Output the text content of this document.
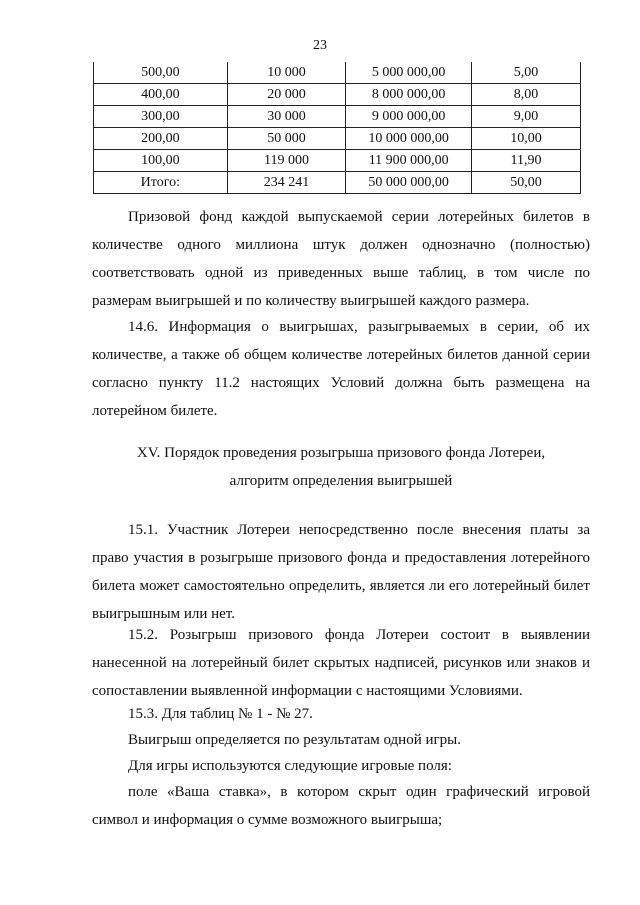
23
500,00	10 000	5 000 000,00	5,00
400,00	20 000	8 000 000,00	8,00
300,00	30 000	9 000 000,00	9,00
200,00	50 000	10 000 000,00	10,00
100,00	119 000	11 900 000,00	11,90
Итого:	234 241	50 000 000,00	50,00

Призовой фонд каждой выпускаемой серии лотерейных билетов в количестве одного миллиона штук должен однозначно (полностью) соответствовать одной из приведенных выше таблиц, в том числе по размерам выигрышей и по количеству выигрышей каждого размера.

14.6. Информация о выигрышах, разыгрываемых в серии, об их количестве, а также об общем количестве лотерейных билетов данной серии согласно пункту 11.2 настоящих Условий должна быть размещена на лотерейном билете.

XV. Порядок проведения розыгрыша призового фонда Лотереи,
алгоритм определения выигрышей

15.1. Участник Лотереи непосредственно после внесения платы за право участия в розыгрыше призового фонда и предоставления лотерейного билета может самостоятельно определить, является ли его лотерейный билет выигрышным или нет.

15.2. Розыгрыш призового фонда Лотереи состоит в выявлении нанесенной на лотерейный билет скрытых надписей, рисунков или знаков и сопоставлении выявленной информации с настоящими Условиями.

15.3. Для таблиц № 1 - № 27.

Выигрыш определяется по результатам одной игры.

Для игры используются следующие игровые поля:

поле «Ваша ставка», в котором скрыт один графический игровой символ и информация о сумме возможного выигрыша;
